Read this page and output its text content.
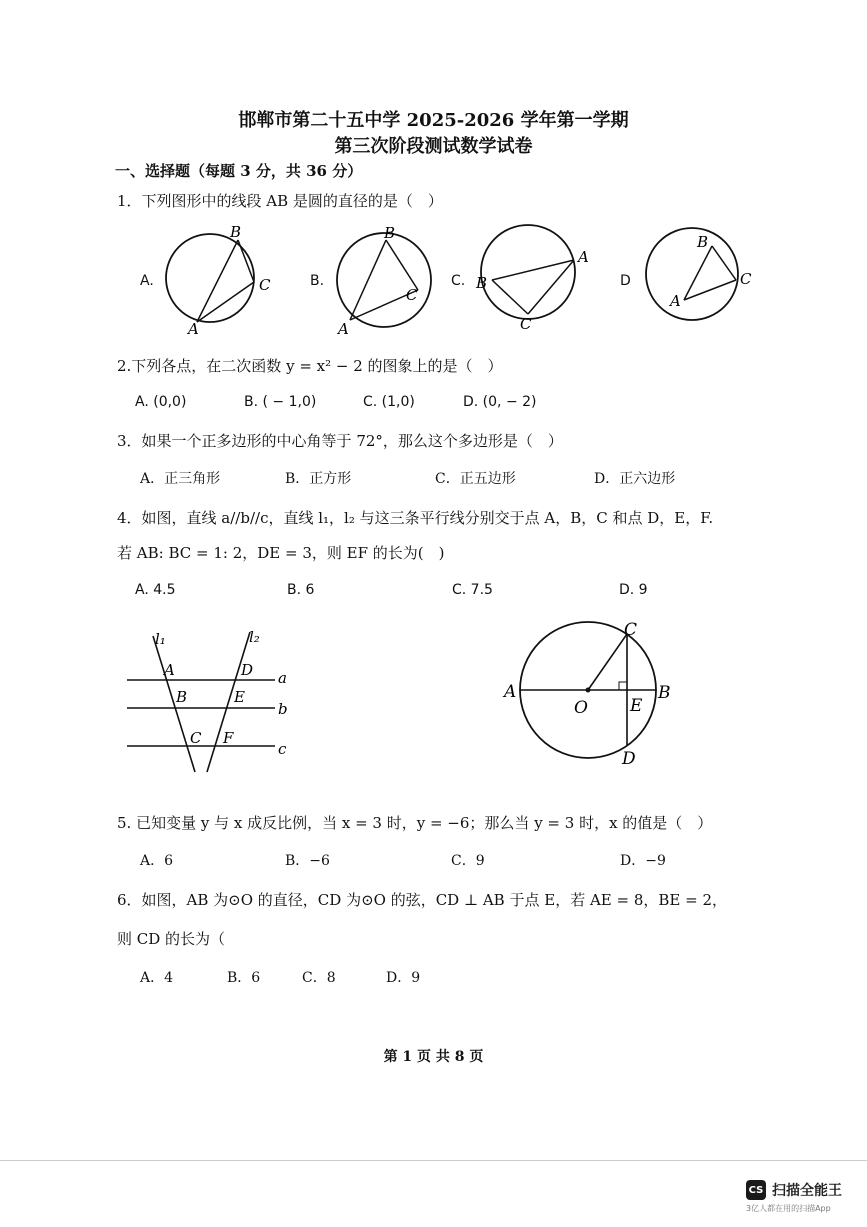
邯郸市第二十五中学 2025-2026 学年第一学期
第三次阶段测试数学试卷
一、选择题（每题 3 分，共 36 分）
1．下列图形中的线段 AB 是圆的直径的是（　）
A.
B
C
A
B.
B
C
A
C. B
A
C
D
B
C
A
2.下列各点，在二次函数 y = x² − 2 的图象上的是（　）
A. (0,0)	B. ( − 1,0)	C. (1,0)	D. (0, − 2)
3．如果一个正多边形的中心角等于 72°，那么这个多边形是（　）
A．正三角形	B．正方形	C．正五边形	D．正六边形
4．如图，直线 a//b//c，直线 l₁，l₂ 与这三条平行线分别交于点 A，B，C 和点 D，E，F.
若 AB: BC = 1: 2，DE = 3，则 EF 的长为(　)
A. 4.5	B. 6	C. 7.5	D. 9
l₁	l₂
a
b
c
A
B
C
D
E
F
A	B
C
D
E
O
5. 已知变量 y 与 x 成反比例，当 x = 3 时，y = −6；那么当 y = 3 时，x 的值是（　）
A．6	B．−6	C．9	D．−9
6．如图，AB 为⊙O 的直径，CD 为⊙O 的弦，CD ⊥ AB 于点 E，若 AE = 8，BE = 2，
则 CD 的长为（
A．4	B．6	C．8	D．9
第 1 页 共 8 页
CS 扫描全能王
3亿人都在用的扫描App
